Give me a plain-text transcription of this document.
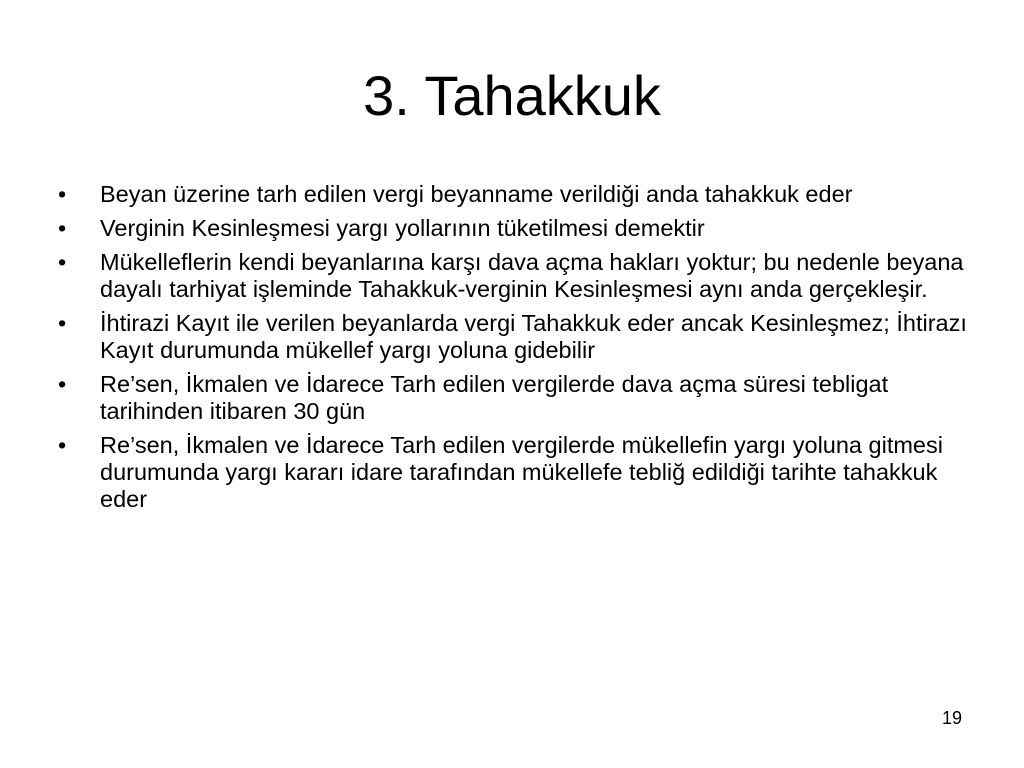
3. Tahakkuk
•	Beyan üzerine tarh edilen vergi beyanname verildiği anda tahakkuk eder
•	Verginin Kesinleşmesi yargı yollarının tüketilmesi demektir
•	Mükelleflerin kendi beyanlarına karşı dava açma hakları yoktur; bu nedenle beyana dayalı tarhiyat işleminde Tahakkuk-verginin Kesinleşmesi aynı anda gerçekleşir.
•	İhtirazi Kayıt ile verilen beyanlarda vergi Tahakkuk eder ancak Kesinleşmez; İhtirazı Kayıt durumunda mükellef yargı yoluna gidebilir
•	Re’sen, İkmalen ve İdarece Tarh edilen vergilerde dava açma süresi tebligat tarihinden itibaren 30 gün
•	Re’sen, İkmalen ve İdarece Tarh edilen vergilerde mükellefin yargı yoluna gitmesi durumunda yargı kararı idare tarafından mükellefe tebliğ edildiği tarihte tahakkuk eder
19
